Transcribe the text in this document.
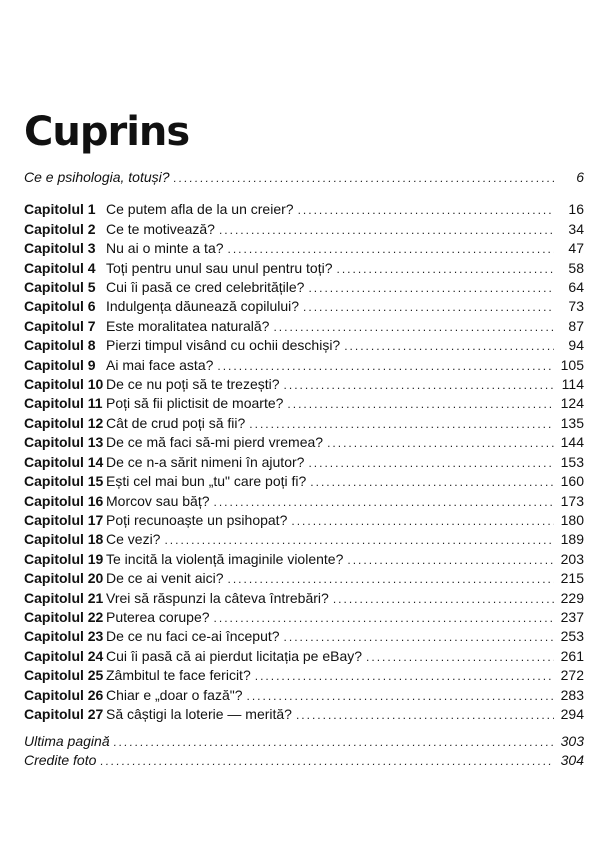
Cuprins
Ce e psihologia, totuși? .....	6
Capitolul 1 Ce putem afla de la un creier? .....	16
Capitolul 2 Ce te motivează? .....	34
Capitolul 3 Nu ai o minte a ta? .....	47
Capitolul 4 Toți pentru unul sau unul pentru toți? .....	58
Capitolul 5 Cui îi pasă ce cred celebritățile? .....	64
Capitolul 6 Indulgența dăunează copilului? .....	73
Capitolul 7 Este moralitatea naturală? .....	87
Capitolul 8 Pierzi timpul visând cu ochii deschiși? .....	94
Capitolul 9 Ai mai face asta? .....	105
Capitolul 10 De ce nu poți să te trezești? .....	114
Capitolul 11 Poți să fii plictisit de moarte? .....	124
Capitolul 12 Cât de crud poți să fii? .....	135
Capitolul 13 De ce mă faci să-mi pierd vremea? .....	144
Capitolul 14 De ce n-a sărit nimeni în ajutor? .....	153
Capitolul 15 Ești cel mai bun „tu" care poți fi? .....	160
Capitolul 16 Morcov sau băț? .....	173
Capitolul 17 Poți recunoaște un psihopat? .....	180
Capitolul 18 Ce vezi? .....	189
Capitolul 19 Te incită la violență imaginile violente? .....	203
Capitolul 20 De ce ai venit aici? .....	215
Capitolul 21 Vrei să răspunzi la câteva întrebări? .....	229
Capitolul 22 Puterea corupe? .....	237
Capitolul 23 De ce nu faci ce-ai început? .....	253
Capitolul 24 Cui îi pasă că ai pierdut licitația pe eBay? .....	261
Capitolul 25 Zâmbitul te face fericit? .....	272
Capitolul 26 Chiar e „doar o fază"? .....	283
Capitolul 27 Să câștigi la loterie — merită? .....	294
Ultima pagină .....	303
Credite foto .....	304
